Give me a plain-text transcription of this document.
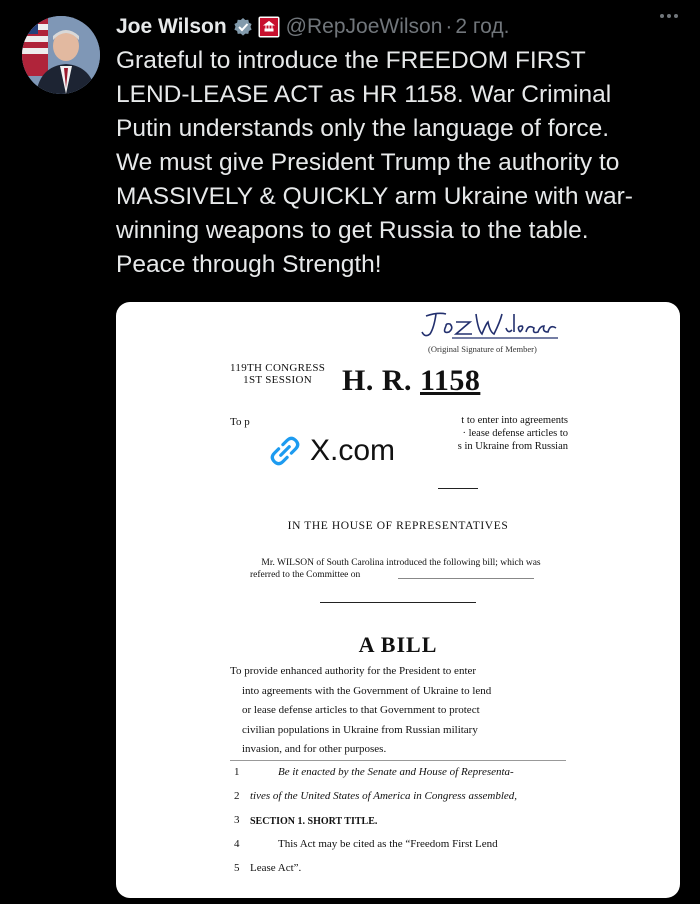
Joe Wilson	@RepJoeWilson · 2 год.
Grateful to introduce the FREEDOM FIRST
LEND-LEASE ACT as HR 1158. War Criminal
Putin understands only the language of force.
We must give President Trump the authority to
MASSIVELY & QUICKLY arm Ukraine with war-
winning weapons to get Russia to the table.
Peace through Strength!
(Original Signature of Member)
119TH CONGRESS
1ST SESSION	H. R. 1158
To p	t to enter into agreements
· lease defense articles to
s in Ukraine from Russian
X.com
IN THE HOUSE OF REPRESENTATIVES
Mr. WILSON of South Carolina introduced the following bill; which was
referred to the Committee on
A BILL
To provide enhanced authority for the President to enter
into agreements with the Government of Ukraine to lend
or lease defense articles to that Government to protect
civilian populations in Ukraine from Russian military
invasion, and for other purposes.
1	Be it enacted by the Senate and House of Representa-
2 tives of the United States of America in Congress assembled,
3 SECTION 1. SHORT TITLE.
4	This Act may be cited as the “Freedom First Lend
5 Lease Act”.
